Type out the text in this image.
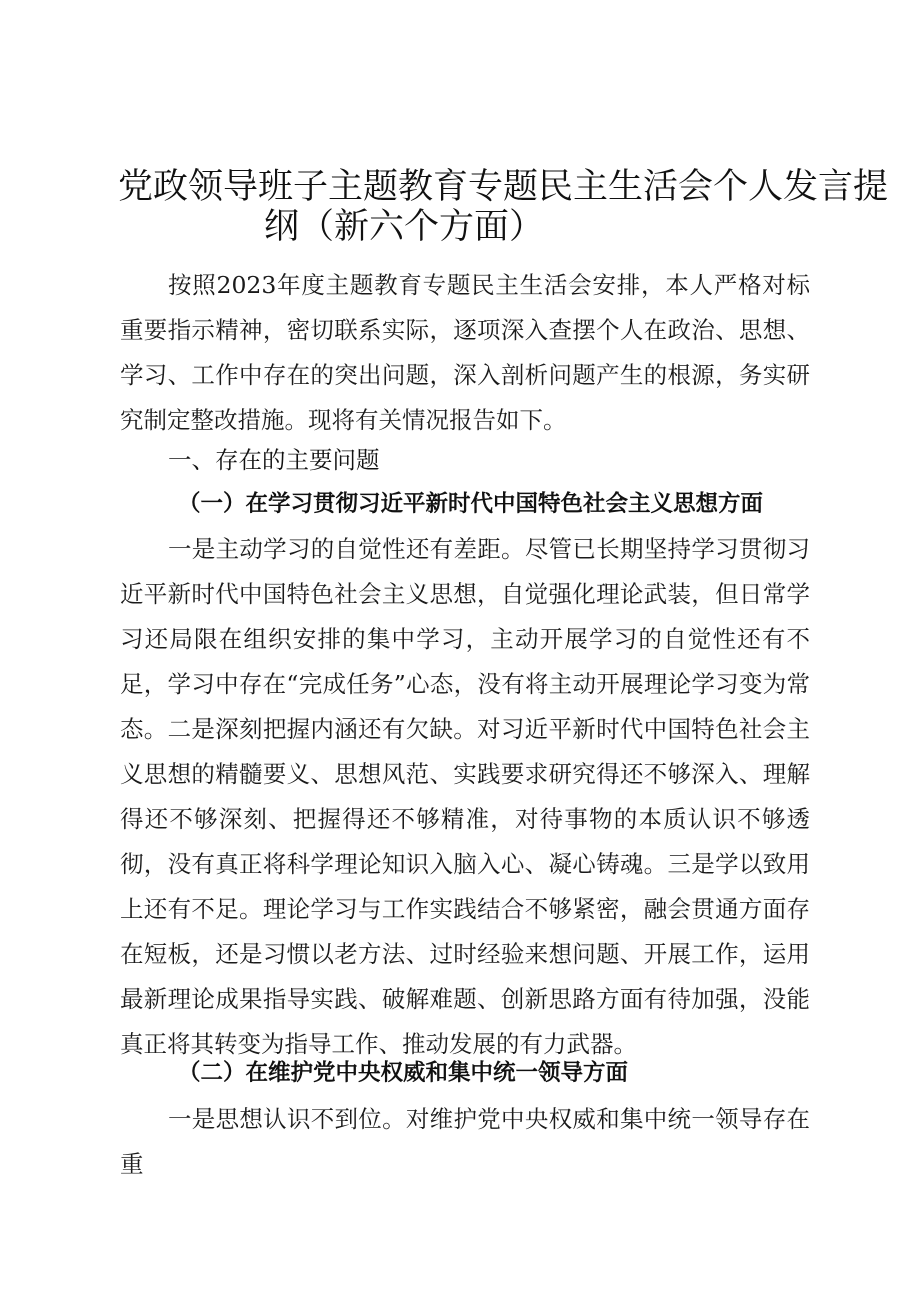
党政领导班子主题教育专题民主生活会个人发言提
纲（新六个方面）

按照2023年度主题教育专题民主生活会安排，本人严格对标重要指示精神，密切联系实际，逐项深入查摆个人在政治、思想、学习、工作中存在的突出问题，深入剖析问题产生的根源，务实研究制定整改措施。现将有关情况报告如下。

一、存在的主要问题
（一）在学习贯彻习近平新时代中国特色社会主义思想方面

一是主动学习的自觉性还有差距。尽管已长期坚持学习贯彻习近平新时代中国特色社会主义思想，自觉强化理论武装，但日常学习还局限在组织安排的集中学习，主动开展学习的自觉性还有不足，学习中存在“完成任务”心态，没有将主动开展理论学习变为常态。二是深刻把握内涵还有欠缺。对习近平新时代中国特色社会主义思想的精髓要义、思想风范、实践要求研究得还不够深入、理解得还不够深刻、把握得还不够精准，对待事物的本质认识不够透彻，没有真正将科学理论知识入脑入心、凝心铸魂。三是学以致用上还有不足。理论学习与工作实践结合不够紧密，融会贯通方面存在短板，还是习惯以老方法、过时经验来想问题、开展工作，运用最新理论成果指导实践、破解难题、创新思路方面有待加强，没能真正将其转变为指导工作、推动发展的有力武器。

（二）在维护党中央权威和集中统一领导方面

一是思想认识不到位。对维护党中央权威和集中统一领导存在重
